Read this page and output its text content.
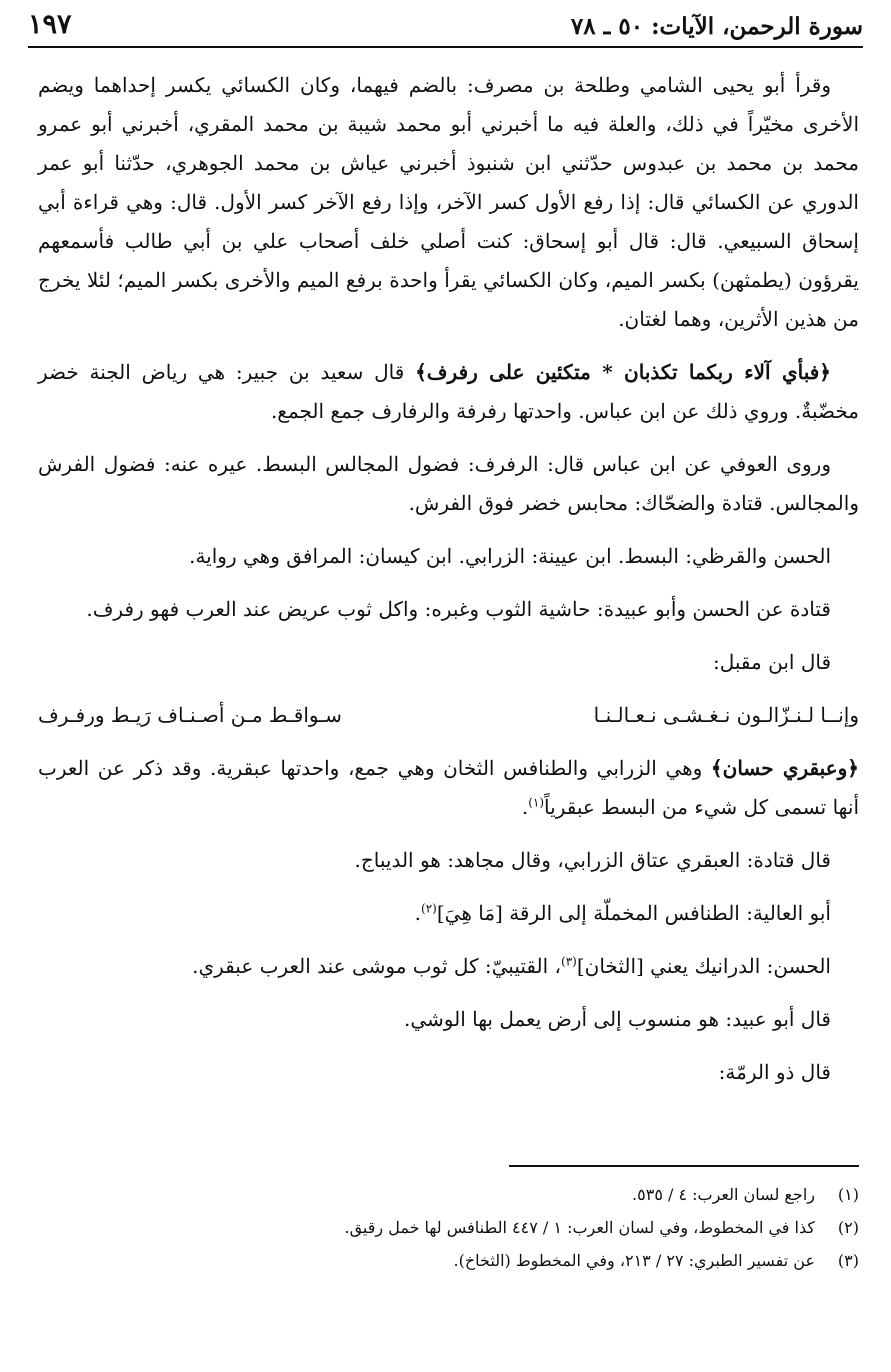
سورة الرحمن، الآيات: ٥٠ ـ ٧٨
١٩٧

وقرأ أبو يحيى الشامي وطلحة بن مصرف: بالضم فيهما، وكان الكسائي يكسر إحداهما ويضم الأخرى مخيّراً في ذلك، والعلة فيه ما أخبرني أبو محمد شيبة بن محمد المقري، أخبرني أبو عمرو محمد بن محمد بن عبدوس حدّثني ابن شنبوذ أخبرني عياش بن محمد الجوهري، حدّثنا أبو عمر الدوري عن الكسائي قال: إذا رفع الأول كسر الآخر، وإذا رفع الآخر كسر الأول. قال: وهي قراءة أبي إسحاق السبيعي. قال: قال أبو إسحاق: كنت أصلي خلف أصحاب علي بن أبي طالب فأسمعهم يقرؤون (يطمثهن) بكسر الميم، وكان الكسائي يقرأ واحدة برفع الميم والأخرى بكسر الميم؛ لئلا يخرج من هذين الأثرين، وهما لغتان.

﴿فبأي آلاء ربكما تكذبان * متكئين على رفرف﴾ قال سعيد بن جبير: هي رياض الجنة خضر مخضّبةٌ. وروي ذلك عن ابن عباس. واحدتها رفرفة والرفارف جمع الجمع.

وروى العوفي عن ابن عباس قال: الرفرف: فضول المجالس البسط. عيره عنه: فضول الفرش والمجالس. قتادة والضحّاك: محابس خضر فوق الفرش.

الحسن والقرظي: البسط. ابن عيينة: الزرابي. ابن كيسان: المرافق وهي رواية.

قتادة عن الحسن وأبو عبيدة: حاشية الثوب وغبره: واكل ثوب عريض عند العرب فهو رفرف.

قال ابن مقبل:

وإنــا لـنـزّالـون نـغـشـى نـعـالـنـا
سـواقـط مـن أصـنـاف رَيـط ورفـرف

﴿وعبقري حسان﴾ وهي الزرابي والطنافس الثخان وهي جمع، واحدتها عبقرية. وقد ذكر عن العرب أنها تسمى كل شيء من البسط عبقرياً$^{(١)}$.

قال قتادة: العبقري عتاق الزرابي، وقال مجاهد: هو الديباج.

أبو العالية: الطنافس المخملّة إلى الرقة [مَا هِيَ]$^{(٢)}$.

الحسن: الدرانيك يعني [الثخان]$^{(٣)}$، القتيبيّ: كل ثوب موشى عند العرب عبقري.

قال أبو عبيد: هو منسوب إلى أرض يعمل بها الوشي.

قال ذو الرمّة:

(١)
راجع لسان العرب: ٤ / ٥٣٥.
(٢)
كذا في المخطوط، وفي لسان العرب: ١ / ٤٤٧ الطنافس لها خمل رقيق.
(٣)
عن تفسير الطبري: ٢٧ / ٢١٣، وفي المخطوط (الثخاخ).
